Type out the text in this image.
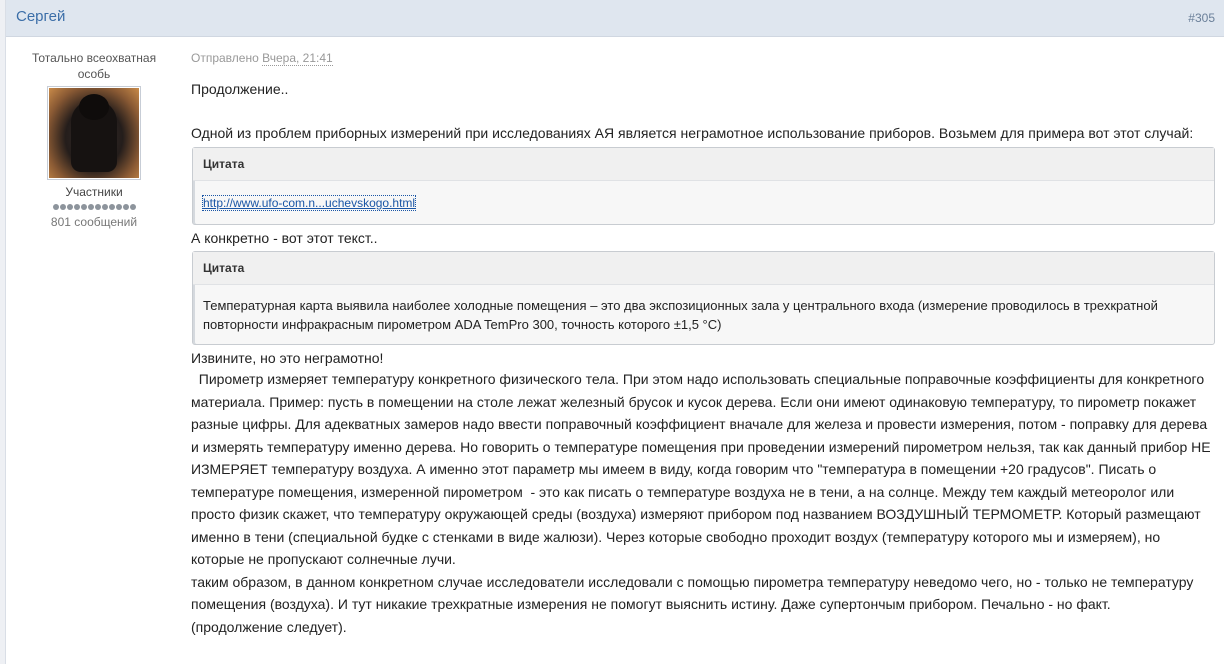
Сергей	#305
Тотально всеохватная особь
Участники
801 сообщений
Отправлено Вчера, 21:41

Продолжение..

Одной из проблем приборных измерений при исследованиях АЯ является неграмотное использование приборов. Возьмем для примера вот этот случай:

Цитата
http://www.ufo-com.n...uchevskogo.html

А конкретно - вот этот текст..

Цитата
Температурная карта выявила наиболее холодные помещения – это два экспозиционных зала у центрального входа (измерение проводилось в трехкратной повторности инфракрасным пирометром ADA TemPro 300, точность которого ±1,5 °С)

Извините, но это неграмотно!

Пирометр измеряет температуру конкретного физического тела. При этом надо использовать специальные поправочные коэффициенты для конкретного материала. Пример: пусть в помещении на столе лежат железный брусок и кусок дерева. Если они имеют одинаковую температуру, то пирометр покажет разные цифры. Для адекватных замеров надо ввести поправочный коэффициент вначале для железа и провести измерения, потом - поправку для дерева и измерять температуру именно дерева. Но говорить о температуре помещения при проведении измерений пирометром нельзя, так как данный прибор НЕ ИЗМЕРЯЕТ температуру воздуха. А именно этот параметр мы имеем в виду, когда говорим что "температура в помещении +20 градусов". Писать о температуре помещения, измеренной пирометром  - это как писать о температуре воздуха не в тени, а на солнце. Между тем каждый метеоролог или просто физик скажет, что температуру окружающей среды (воздуха) измеряют прибором под названием ВОЗДУШНЫЙ ТЕРМОМЕТР. Который размещают именно в тени (специальной будке с стенками в виде жалюзи). Через которые свободно проходит воздух (температуру которого мы и измеряем), но которые не пропускают солнечные лучи.

таким образом, в данном конкретном случае исследователи исследовали с помощью пирометра температуру неведомо чего, но - только не температуру помещения (воздуха). И тут никакие трехкратные измерения не помогут выяснить истину. Даже супертончым прибором. Печально - но факт.

(продолжение следует).
